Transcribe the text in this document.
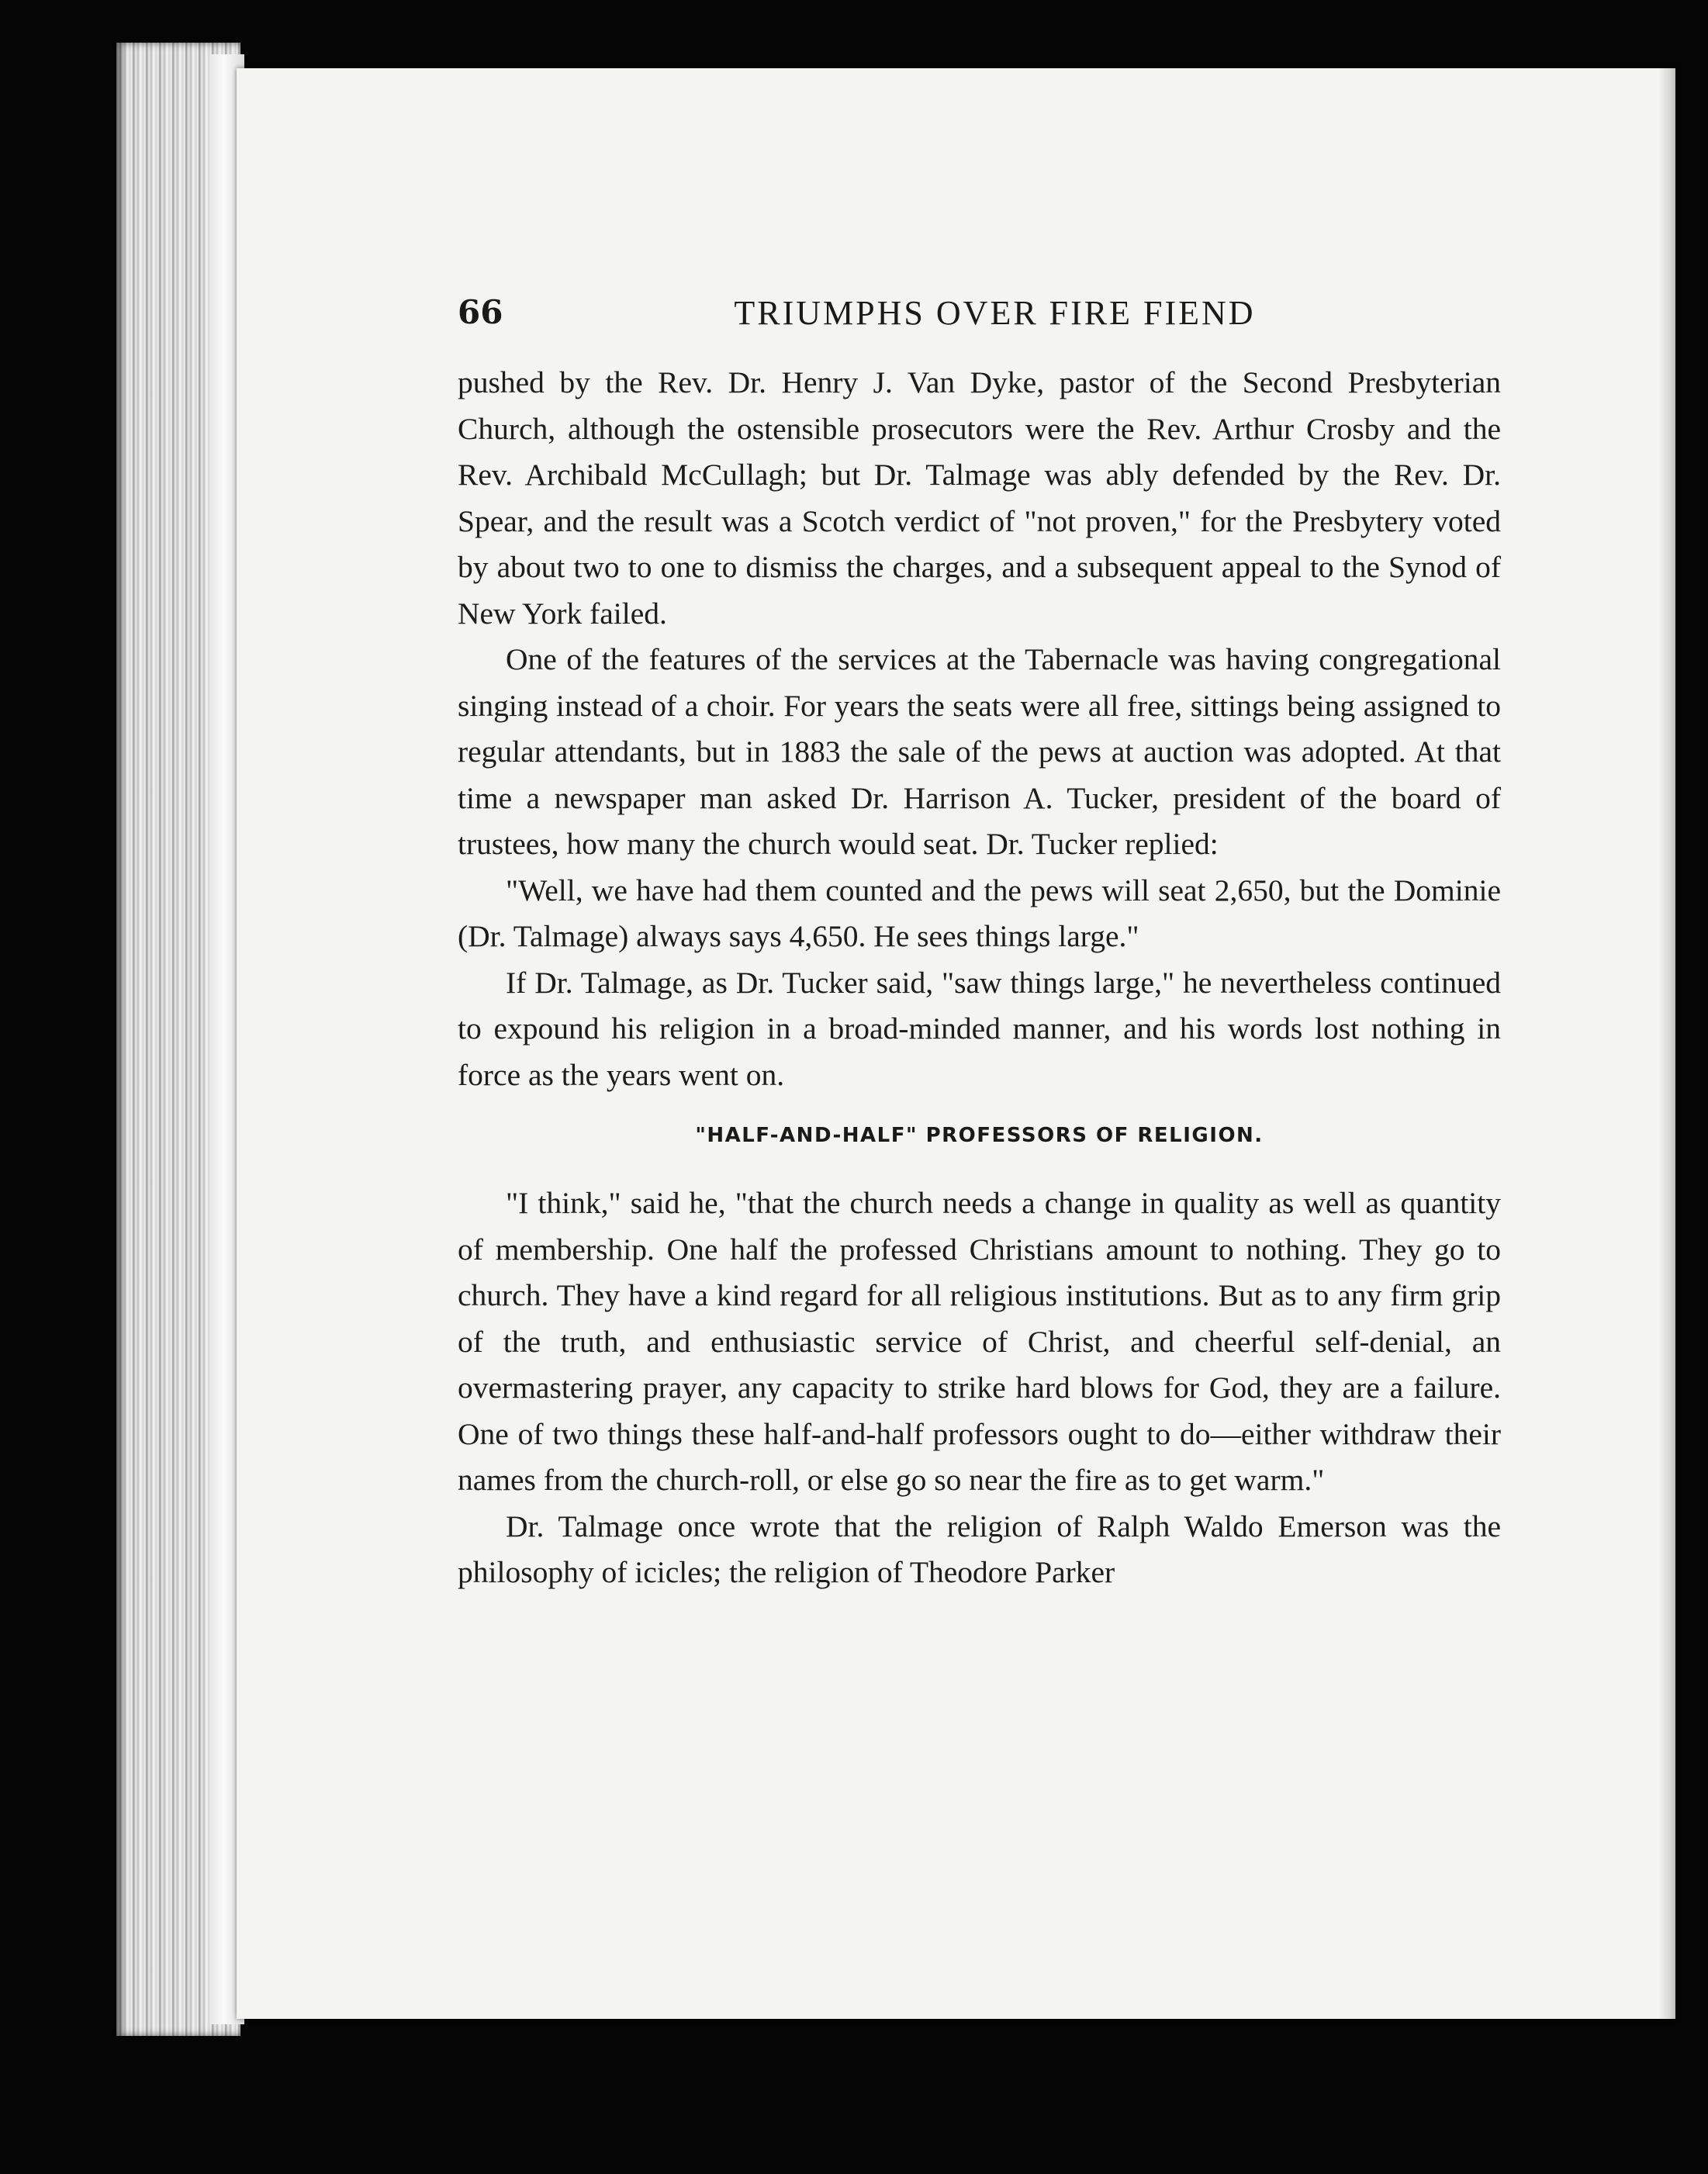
66	TRIUMPHS OVER FIRE FIEND

pushed by the Rev. Dr. Henry J. Van Dyke, pastor of the Second Presbyterian Church, although the ostensible prosecutors were the Rev. Arthur Crosby and the Rev. Archibald McCullagh; but Dr. Talmage was ably defended by the Rev. Dr. Spear, and the result was a Scotch verdict of "not proven," for the Presbytery voted by about two to one to dismiss the charges, and a subsequent appeal to the Synod of New York failed.

One of the features of the services at the Tabernacle was having congregational singing instead of a choir. For years the seats were all free, sittings being assigned to regular attendants, but in 1883 the sale of the pews at auction was adopted. At that time a newspaper man asked Dr. Harrison A. Tucker, president of the board of trustees, how many the church would seat. Dr. Tucker replied:

"Well, we have had them counted and the pews will seat 2,650, but the Dominie (Dr. Talmage) always says 4,650. He sees things large."

If Dr. Talmage, as Dr. Tucker said, "saw things large," he nevertheless continued to expound his religion in a broad-minded manner, and his words lost nothing in force as the years went on.

"HALF-AND-HALF" PROFESSORS OF RELIGION.

"I think," said he, "that the church needs a change in quality as well as quantity of membership. One half the professed Christians amount to nothing. They go to church. They have a kind regard for all religious institutions. But as to any firm grip of the truth, and enthusiastic service of Christ, and cheerful self-denial, an overmastering prayer, any capacity to strike hard blows for God, they are a failure. One of two things these half-and-half professors ought to do—either withdraw their names from the church-roll, or else go so near the fire as to get warm."

Dr. Talmage once wrote that the religion of Ralph Waldo Emerson was the philosophy of icicles; the religion of Theodore Parker
